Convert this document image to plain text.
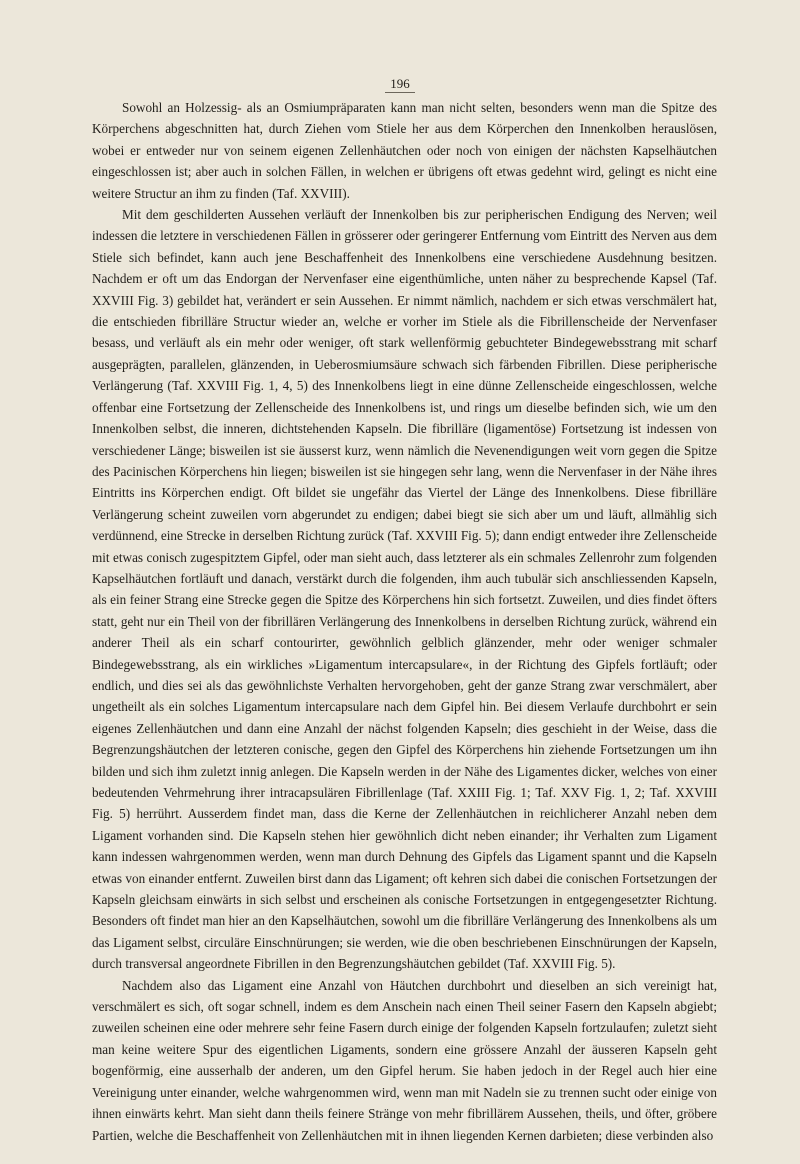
196

Sowohl an Holzessig- als an Osmiumpräparaten kann man nicht selten, besonders wenn man die Spitze des Körperchens abgeschnitten hat, durch Ziehen vom Stiele her aus dem Körperchen den Innenkolben herauslösen, wobei er entweder nur von seinem eigenen Zellenhäutchen oder noch von einigen der nächsten Kapselhäutchen eingeschlossen ist; aber auch in solchen Fällen, in welchen er übrigens oft etwas gedehnt wird, gelingt es nicht eine weitere Structur an ihm zu finden (Taf. XXVIII).

Mit dem geschilderten Aussehen verläuft der Innenkolben bis zur peripherischen Endigung des Nerven; weil indessen die letztere in verschiedenen Fällen in grösserer oder geringerer Entfernung vom Eintritt des Nerven aus dem Stiele sich befindet, kann auch jene Beschaffenheit des Innenkolbens eine verschiedene Ausdehnung besitzen. Nachdem er oft um das Endorgan der Nervenfaser eine eigenthümliche, unten näher zu besprechende Kapsel (Taf. XXVIII Fig. 3) gebildet hat, verändert er sein Aussehen. Er nimmt nämlich, nachdem er sich etwas verschmälert hat, die entschieden fibrilläre Structur wieder an, welche er vorher im Stiele als die Fibrillenscheide der Nervenfaser besass, und verläuft als ein mehr oder weniger, oft stark wellenförmig gebuchteter Bindegewebsstrang mit scharf ausgeprägten, parallelen, glänzenden, in Ueberosmiumsäure schwach sich färbenden Fibrillen. Diese peripherische Verlängerung (Taf. XXVIII Fig. 1, 4, 5) des Innenkolbens liegt in eine dünne Zellenscheide eingeschlossen, welche offenbar eine Fortsetzung der Zellenscheide des Innenkolbens ist, und rings um dieselbe befinden sich, wie um den Innenkolben selbst, die inneren, dichtstehenden Kapseln. Die fibrilläre (ligamentöse) Fortsetzung ist indessen von verschiedener Länge; bisweilen ist sie äusserst kurz, wenn nämlich die Nevenendigungen weit vorn gegen die Spitze des Pacinischen Körperchens hin liegen; bisweilen ist sie hingegen sehr lang, wenn die Nervenfaser in der Nähe ihres Eintritts ins Körperchen endigt. Oft bildet sie ungefähr das Viertel der Länge des Innenkolbens. Diese fibrilläre Verlängerung scheint zuweilen vorn abgerundet zu endigen; dabei biegt sie sich aber um und läuft, allmählig sich verdünnend, eine Strecke in derselben Richtung zurück (Taf. XXVIII Fig. 5); dann endigt entweder ihre Zellenscheide mit etwas conisch zugespitztem Gipfel, oder man sieht auch, dass letzterer als ein schmales Zellenrohr zum folgenden Kapselhäutchen fortläuft und danach, verstärkt durch die folgenden, ihm auch tubulär sich anschliessenden Kapseln, als ein feiner Strang eine Strecke gegen die Spitze des Körperchens hin sich fortsetzt. Zuweilen, und dies findet öfters statt, geht nur ein Theil von der fibrillären Verlängerung des Innenkolbens in derselben Richtung zurück, während ein anderer Theil als ein scharf contourirter, gewöhnlich gelblich glänzender, mehr oder weniger schmaler Bindegewebsstrang, als ein wirkliches »Ligamentum intercapsulare«, in der Richtung des Gipfels fortläuft; oder endlich, und dies sei als das gewöhnlichste Verhalten hervorgehoben, geht der ganze Strang zwar verschmälert, aber ungetheilt als ein solches Ligamentum intercapsulare nach dem Gipfel hin. Bei diesem Verlaufe durchbohrt er sein eigenes Zellenhäutchen und dann eine Anzahl der nächst folgenden Kapseln; dies geschieht in der Weise, dass die Begrenzungshäutchen der letzteren conische, gegen den Gipfel des Körperchens hin ziehende Fortsetzungen um ihn bilden und sich ihm zuletzt innig anlegen. Die Kapseln werden in der Nähe des Ligamentes dicker, welches von einer bedeutenden Vehrmehrung ihrer intracapsulären Fibrillenlage (Taf. XXIII Fig. 1; Taf. XXV Fig. 1, 2; Taf. XXVIII Fig. 5) herrührt. Ausserdem findet man, dass die Kerne der Zellenhäutchen in reichlicherer Anzahl neben dem Ligament vorhanden sind. Die Kapseln stehen hier gewöhnlich dicht neben einander; ihr Verhalten zum Ligament kann indessen wahrgenommen werden, wenn man durch Dehnung des Gipfels das Ligament spannt und die Kapseln etwas von einander entfernt. Zuweilen birst dann das Ligament; oft kehren sich dabei die conischen Fortsetzungen der Kapseln gleichsam einwärts in sich selbst und erscheinen als conische Fortsetzungen in entgegengesetzter Richtung. Besonders oft findet man hier an den Kapselhäutchen, sowohl um die fibrilläre Verlängerung des Innenkolbens als um das Ligament selbst, circuläre Einschnürungen; sie werden, wie die oben beschriebenen Einschnürungen der Kapseln, durch transversal angeordnete Fibrillen in den Begrenzungshäutchen gebildet (Taf. XXVIII Fig. 5).

Nachdem also das Ligament eine Anzahl von Häutchen durchbohrt und dieselben an sich vereinigt hat, verschmälert es sich, oft sogar schnell, indem es dem Anschein nach einen Theil seiner Fasern den Kapseln abgiebt; zuweilen scheinen eine oder mehrere sehr feine Fasern durch einige der folgenden Kapseln fortzulaufen; zuletzt sieht man keine weitere Spur des eigentlichen Ligaments, sondern eine grössere Anzahl der äusseren Kapseln geht bogenförmig, eine ausserhalb der anderen, um den Gipfel herum. Sie haben jedoch in der Regel auch hier eine Vereinigung unter einander, welche wahrgenommen wird, wenn man mit Nadeln sie zu trennen sucht oder einige von ihnen einwärts kehrt. Man sieht dann theils feinere Stränge von mehr fibrillärem Aussehen, theils, und öfter, gröbere Partien, welche die Beschaffenheit von Zellenhäutchen mit in ihnen liegenden Kernen darbieten; diese verbinden also
